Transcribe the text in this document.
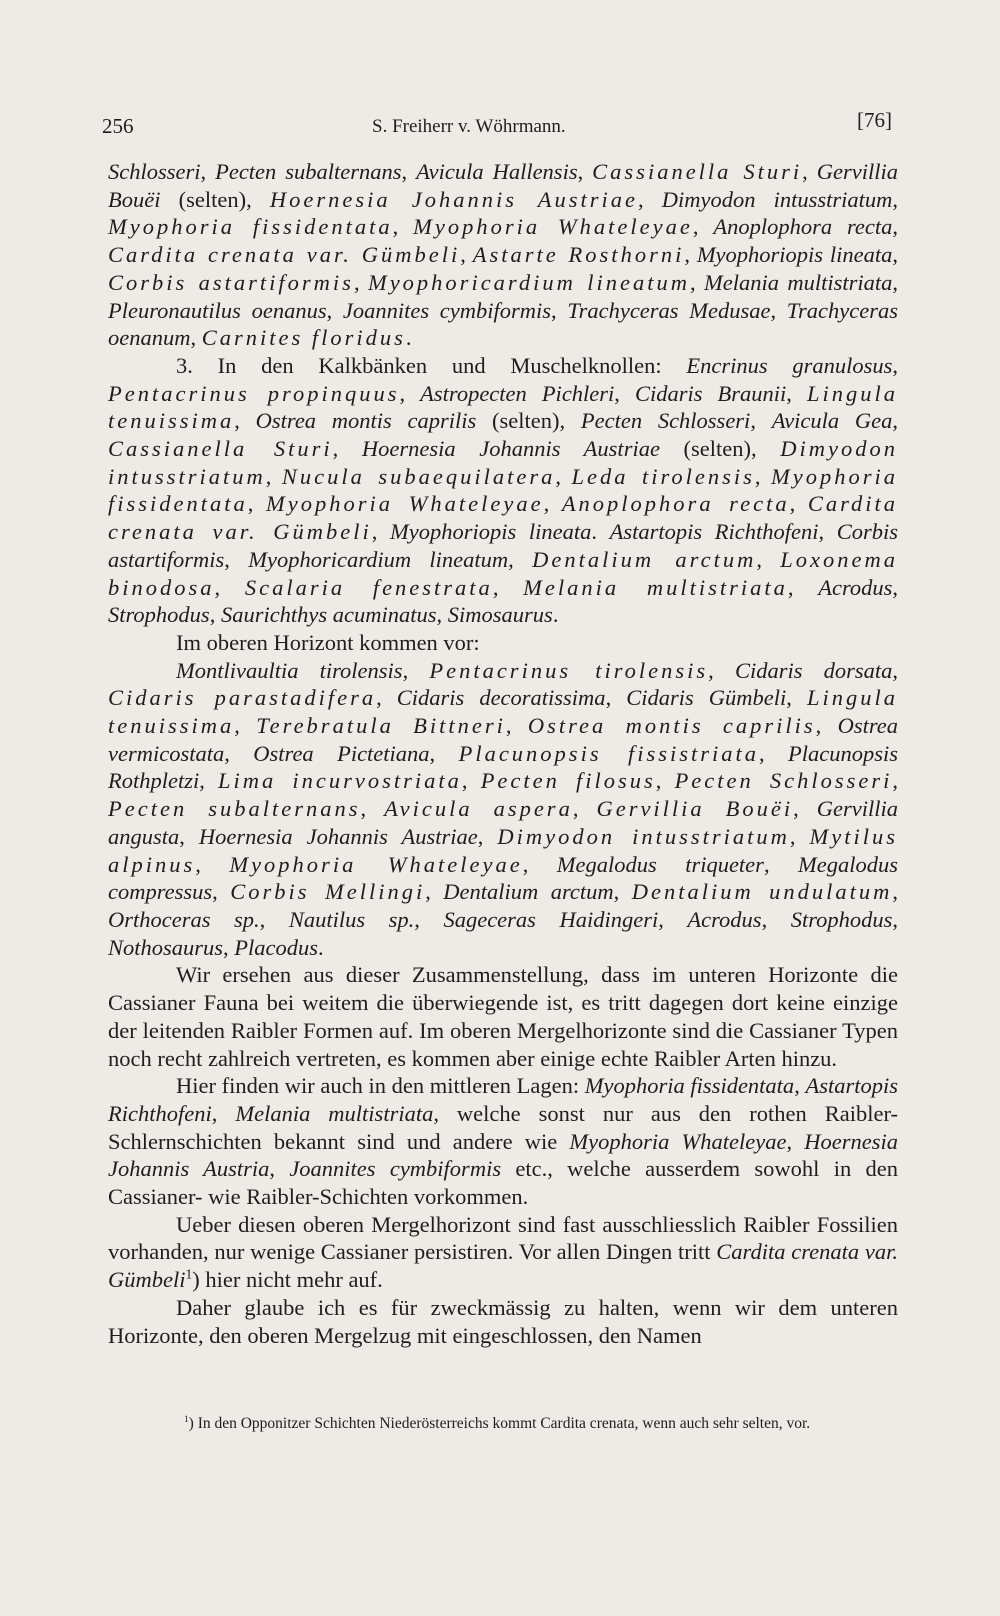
256	S. Freiherr v. Wöhrmann.	[76]

Schlosseri, Pecten subalternans, Avicula Hallensis, Cassianella Sturi, Gervillia Bouëi (selten), Hoernesia Johannis Austriae, Dimyodon intusstriatum, Myophoria fissidentata, Myophoria Whateleyae, Anoplophora recta, Cardita crenata var. Gümbeli, Astarte Rosthorni, Myophoriopis lineata, Corbis astartiformis, Myophoricardium lineatum, Melania multistriata, Pleuronautilus oenanus, Joannites cymbiformis, Trachyceras Medusae, Trachyceras oenanum, Carnites floridus.

3. In den Kalkbänken und Muschelknollen: Encrinus granulosus, Pentacrinus propinquus, Astropecten Pichleri, Cidaris Braunii, Lingula tenuissima, Ostrea montis caprilis (selten), Pecten Schlosseri, Avicula Gea, Cassianella Sturi, Hoernesia Johannis Austriae (selten), Dimyodon intusstriatum, Nucula subaequilatera, Leda tirolensis, Myophoria fissidentata, Myophoria Whateleyae, Anoplophora recta, Cardita crenata var. Gümbeli, Myophoriopis lineata. Astartopis Richthofeni, Corbis astartiformis, Myophoricardium lineatum, Dentalium arctum, Loxonema binodosa, Scalaria fenestrata, Melania multistriata, Acrodus, Strophodus, Saurichthys acuminatus, Simosaurus.

Im oberen Horizont kommen vor:

Montlivaultia tirolensis, Pentacrinus tirolensis, Cidaris dorsata, Cidaris parastadifera, Cidaris decoratissima, Cidaris Gümbeli, Lingula tenuissima, Terebratula Bittneri, Ostrea montis caprilis, Ostrea vermicostata, Ostrea Pictetiana, Placunopsis fissistriata, Placunopsis Rothpletzi, Lima incurvostriata, Pecten filosus, Pecten Schlosseri, Pecten subalternans, Avicula aspera, Gervillia Bouëi, Gervillia angusta, Hoernesia Johannis Austriae, Dimyodon intusstriatum, Mytilus alpinus, Myophoria Whateleyae, Megalodus triqueter, Megalodus compressus, Corbis Mellingi, Dentalium arctum, Dentalium undulatum, Orthoceras sp., Nautilus sp., Sageceras Haidingeri, Acrodus, Strophodus, Nothosaurus, Placodus.

Wir ersehen aus dieser Zusammenstellung, dass im unteren Horizonte die Cassianer Fauna bei weitem die überwiegende ist, es tritt dagegen dort keine einzige der leitenden Raibler Formen auf. Im oberen Mergelhorizonte sind die Cassianer Typen noch recht zahlreich vertreten, es kommen aber einige echte Raibler Arten hinzu.

Hier finden wir auch in den mittleren Lagen: Myophoria fissidentata, Astartopis Richthofeni, Melania multistriata, welche sonst nur aus den rothen Raibler-Schlernschichten bekannt sind und andere wie Myophoria Whateleyae, Hoernesia Johannis Austria, Joannites cymbiformis etc., welche ausserdem sowohl in den Cassianer- wie Raibler-Schichten vorkommen.

Ueber diesen oberen Mergelhorizont sind fast ausschliesslich Raibler Fossilien vorhanden, nur wenige Cassianer persistiren. Vor allen Dingen tritt Cardita crenata var. Gümbeli$^1$) hier nicht mehr auf.

Daher glaube ich es für zweckmässig zu halten, wenn wir dem unteren Horizonte, den oberen Mergelzug mit eingeschlossen, den Namen

$^1$) In den Opponitzer Schichten Niederösterreichs kommt Cardita crenata, wenn auch sehr selten, vor.
